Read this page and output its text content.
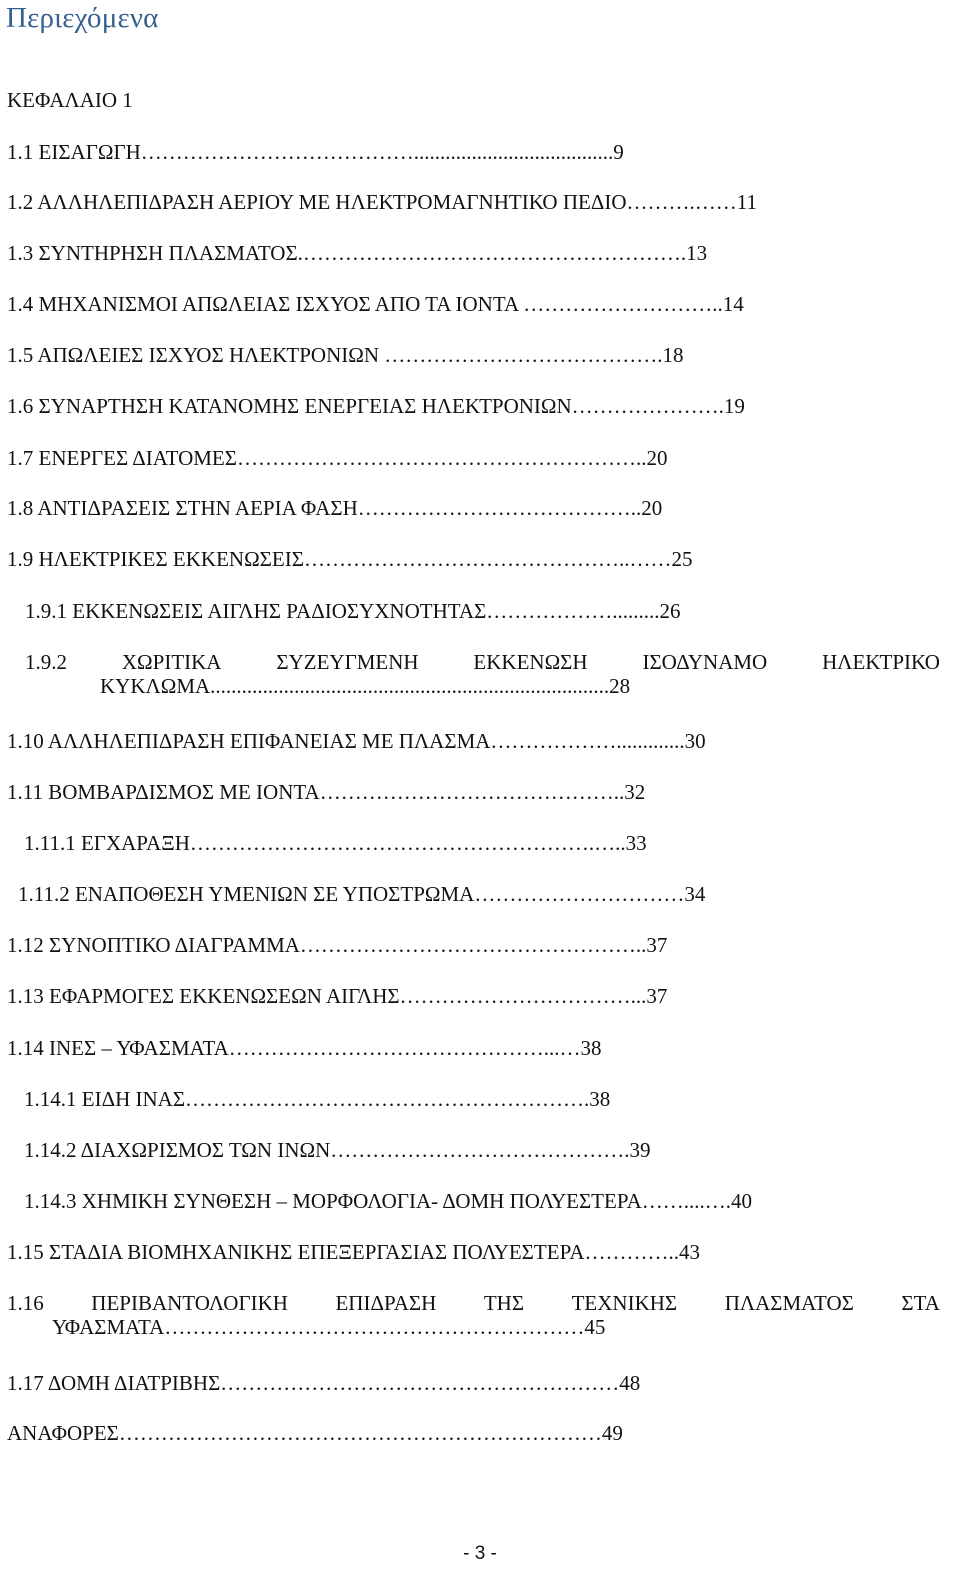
Περιεχόμενα
ΚΕΦΑΛΑΙΟ 1
1.1 ΕΙΣΑΓΩΓΗ…………………………………......................................9
1.2 ΑΛΛΗΛΕΠΙΔΡΑΣΗ ΑΕΡΙΟΥ ΜΕ ΗΛΕΚΤΡΟΜΑΓΝΗΤΙΚΟ ΠΕΔΙΟ……….……11
1.3 ΣΥΝΤΗΡΗΣΗ ΠΛΑΣΜΑΤΟΣ.……………………………………………….13
1.4 ΜΗΧΑΝΙΣΜΟΙ ΑΠΩΛΕΙΑΣ ΙΣΧΥΟΣ ΑΠΟ ΤΑ ΙΟΝΤΑ ………………………..14
1.5 ΑΠΩΛΕΙΕΣ ΙΣΧΥΟΣ ΗΛΕΚΤΡΟΝΙΩΝ ………………………………….18
1.6 ΣΥΝΑΡΤΗΣΗ ΚΑΤΑΝΟΜΗΣ ΕΝΕΡΓΕΙΑΣ ΗΛΕΚΤΡΟΝΙΩΝ………………….19
1.7 ΕΝΕΡΓΕΣ ΔΙΑΤΟΜΕΣ…………………………………………………..20
1.8 ΑΝΤΙΔΡΑΣΕΙΣ ΣΤΗΝ ΑΕΡΙΑ ΦΑΣΗ…………………………………..20
1.9 ΗΛΕΚΤΡΙΚΕΣ ΕΚΚΕΝΩΣΕΙΣ………………………………………..……25
1.9.1 ΕΚΚΕΝΩΣΕΙΣ ΑΙΓΛΗΣ ΡΑΔΙΟΣΥΧΝΟΤΗΤΑΣ……………….........26
1.9.2	ΧΩΡΙΤΙΚΑ	ΣΥΖΕΥΓΜΕΝΗ	ΕΚΚΕΝΩΣΗ	ΙΣΟΔΥΝΑΜΟ	ΗΛΕΚΤΡΙΚΟ
ΚΥΚΛΩΜΑ............................................................................28
1.10 ΑΛΛΗΛΕΠΙΔΡΑΣΗ ΕΠΙΦΑΝΕΙΑΣ ΜΕ ΠΛΑΣΜΑ……………….............30
1.11 ΒΟΜΒΑΡΔΙΣΜΟΣ ΜΕ ΙΟΝΤΑ……………………………………..32
1.11.1 ΕΓΧΑΡΑΞΗ………………………………………………….…..33
1.11.2 ΕΝΑΠΟΘΕΣΗ ΥΜΕΝΙΩΝ ΣΕ ΥΠΟΣΤΡΩΜΑ…………………………34
1.12 ΣΥΝΟΠΤΙΚΟ ΔΙΑΓΡΑΜΜΑ…………………………………………..37
1.13 ΕΦΑΡΜΟΓΕΣ ΕΚΚΕΝΩΣΕΩΝ ΑΙΓΛΗΣ……………………………...37
1.14 ΙΝΕΣ – ΥΦΑΣΜΑΤΑ………………………………………...…38
1.14.1 ΕΙΔΗ ΙΝΑΣ………………………………………………….38
1.14.2 ΔΙΑΧΩΡΙΣΜΟΣ ΤΩΝ ΙΝΩΝ…………………………………….39
1.14.3 ΧΗΜΙΚΗ ΣΥΝΘΕΣΗ – ΜΟΡΦΟΛΟΓΙΑ- ΔΟΜΗ ΠΟΛΥΕΣΤΕΡΑ……....….40
1.15 ΣΤΑΔΙΑ ΒΙΟΜΗΧΑΝΙΚΗΣ ΕΠΕΞΕΡΓΑΣΙΑΣ ΠΟΛΥΕΣΤΕΡΑ…………..43
1.16 ΠΕΡΙΒΑΝΤΟΛΟΓΙΚΗ ΕΠΙΔΡΑΣΗ ΤΗΣ ΤΕΧΝΙΚΗΣ ΠΛΑΣΜΑΤΟΣ ΣΤΑ
ΥΦΑΣΜΑΤΑ……………………………………………………45
1.17 ΔΟΜΗ ΔΙΑΤΡΙΒΗΣ…………………………………………………48
ΑΝΑΦΟΡΕΣ……………………………………………………………49
- 3 -
